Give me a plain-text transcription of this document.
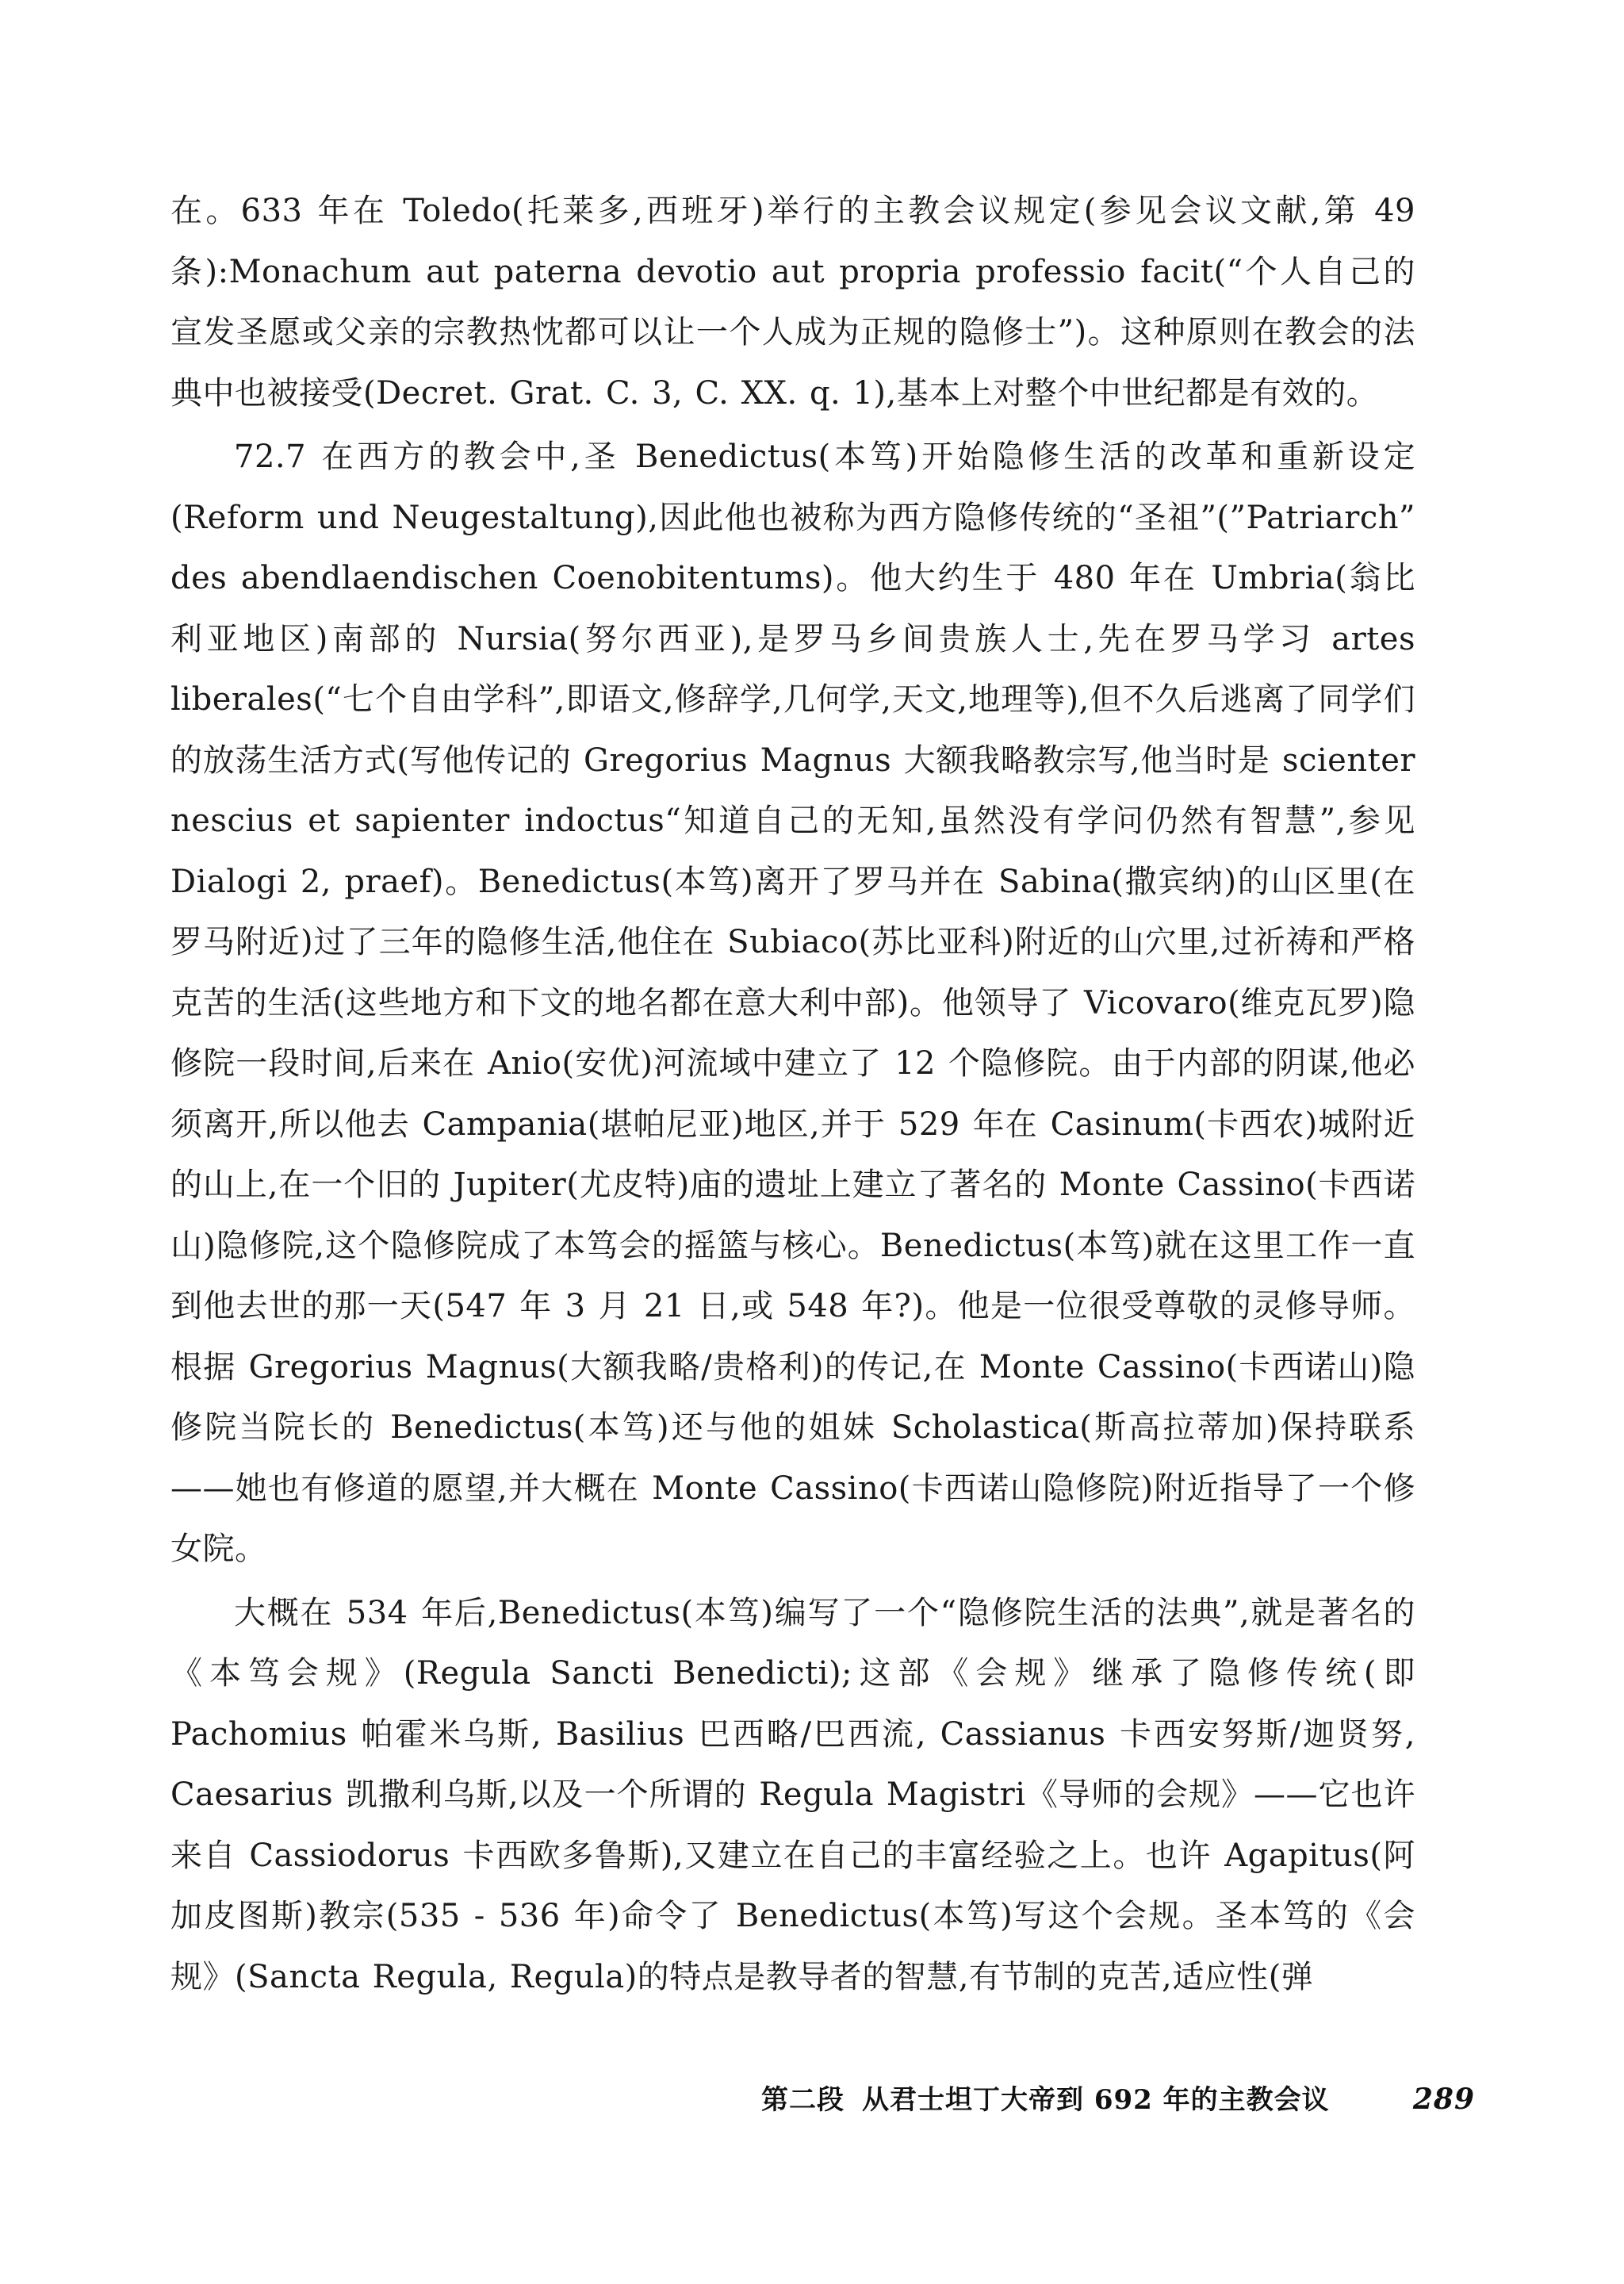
在。633 年在 Toledo(托莱多,西班牙)举行的主教会议规定(参见会议文献,第 49 条):Monachum aut paterna devotio aut propria professio facit(“个人自己的宣发圣愿或父亲的宗教热忱都可以让一个人成为正规的隐修士”)。这种原则在教会的法典中也被接受(Decret. Grat. C. 3, C. XX. q. 1),基本上对整个中世纪都是有效的。

72.7 在西方的教会中,圣 Benedictus(本笃)开始隐修生活的改革和重新设定(Reform und Neugestaltung),因此他也被称为西方隐修传统的“圣祖”(”Patriarch” des abendlaendischen Coenobitentums)。他大约生于 480 年在 Umbria(翁比利亚地区)南部的 Nursia(努尔西亚),是罗马乡间贵族人士,先在罗马学习 artes liberales(“七个自由学科”,即语文,修辞学,几何学,天文,地理等),但不久后逃离了同学们的放荡生活方式(写他传记的 Gregorius Magnus 大额我略教宗写,他当时是 scienter nescius et sapienter indoctus“知道自己的无知,虽然没有学问仍然有智慧”,参见 Dialogi 2, praef)。Benedictus(本笃)离开了罗马并在 Sabina(撒宾纳)的山区里(在罗马附近)过了三年的隐修生活,他住在 Subiaco(苏比亚科)附近的山穴里,过祈祷和严格克苦的生活(这些地方和下文的地名都在意大利中部)。他领导了 Vicovaro(维克瓦罗)隐修院一段时间,后来在 Anio(安优)河流域中建立了 12 个隐修院。由于内部的阴谋,他必须离开,所以他去 Campania(堪帕尼亚)地区,并于 529 年在 Casinum(卡西农)城附近的山上,在一个旧的 Jupiter(尤皮特)庙的遗址上建立了著名的 Monte Cassino(卡西诺山)隐修院,这个隐修院成了本笃会的摇篮与核心。Benedictus(本笃)就在这里工作一直到他去世的那一天(547 年 3 月 21 日,或 548 年?)。他是一位很受尊敬的灵修导师。根据 Gregorius Magnus(大额我略/贵格利)的传记,在 Monte Cassino(卡西诺山)隐修院当院长的 Benedictus(本笃)还与他的姐妹 Scholastica(斯高拉蒂加)保持联系——她也有修道的愿望,并大概在 Monte Cassino(卡西诺山隐修院)附近指导了一个修女院。

大概在 534 年后,Benedictus(本笃)编写了一个“隐修院生活的法典”,就是著名的《本笃会规》(Regula Sancti Benedicti);这部《会规》继承了隐修传统(即 Pachomius 帕霍米乌斯, Basilius 巴西略/巴西流, Cassianus 卡西安努斯/迦贤努, Caesarius 凯撒利乌斯,以及一个所谓的 Regula Magistri《导师的会规》——它也许来自 Cassiodorus 卡西欧多鲁斯),又建立在自己的丰富经验之上。也许 Agapitus(阿加皮图斯)教宗(535 - 536 年)命令了 Benedictus(本笃)写这个会规。圣本笃的《会规》(Sancta Regula, Regula)的特点是教导者的智慧,有节制的克苦,适应性(弹

第二段 从君士坦丁大帝到 692 年的主教会议	289
